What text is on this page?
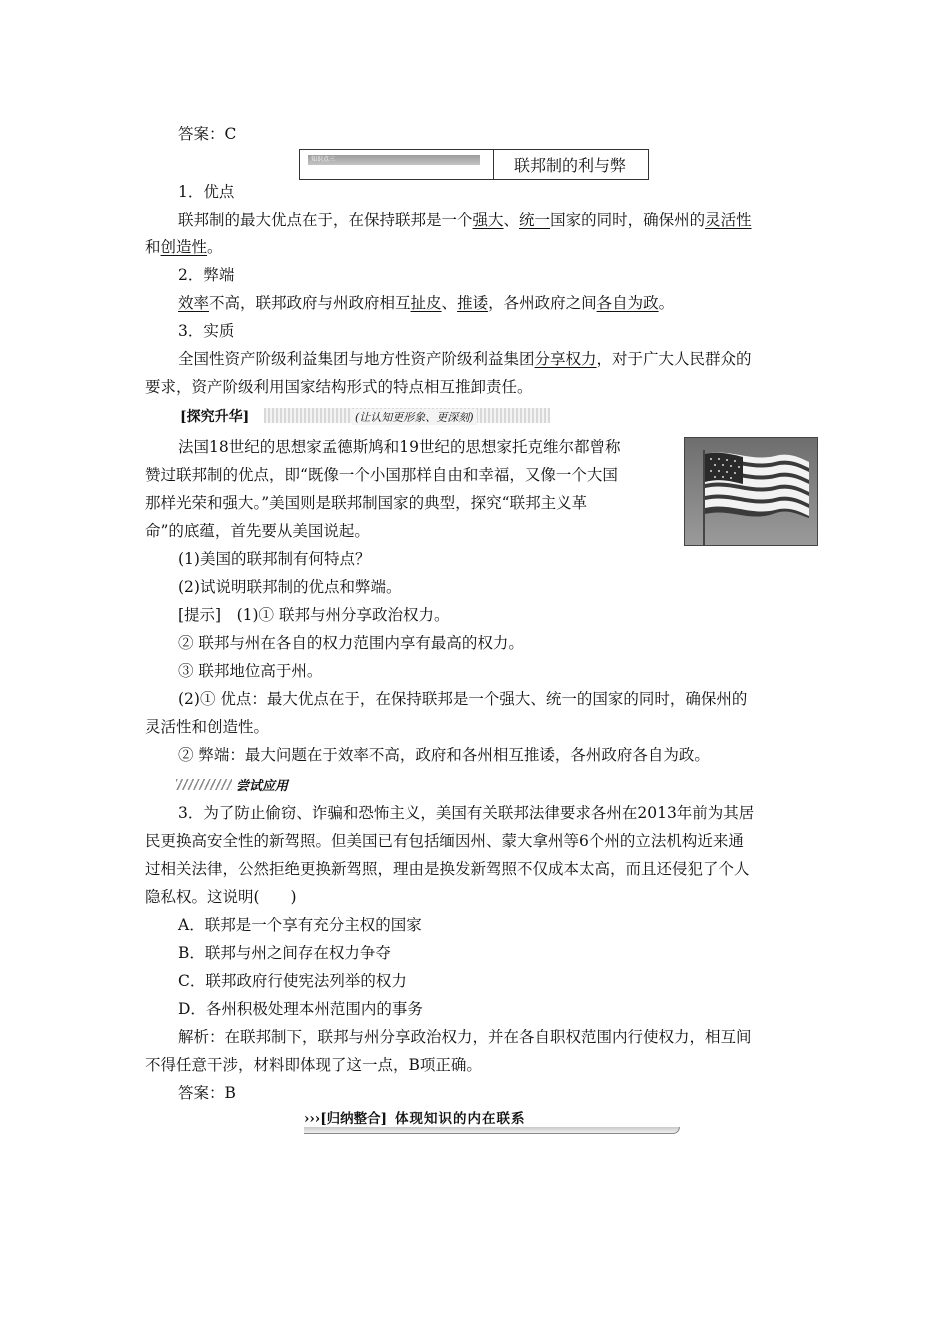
答案：C
知识点三	联邦制的利与弊
1．优点
联邦制的最大优点在于，在保持联邦是一个强大、统一国家的同时，确保州的灵活性
和创造性。
2．弊端
效率不高，联邦政府与州政府相互扯皮、推诿，各州政府之间各自为政。
3．实质
全国性资产阶级利益集团与地方性资产阶级利益集团分享权力，对于广大人民群众的
要求，资产阶级利用国家结构形式的特点相互推卸责任。
[探究升华]	(让认知更形象、更深刻)
法国18世纪的思想家孟德斯鸠和19世纪的思想家托克维尔都曾称
赞过联邦制的优点，即“既像一个小国那样自由和幸福，又像一个大国
那样光荣和强大。”美国则是联邦制国家的典型，探究“联邦主义革
命”的底蕴，首先要从美国说起。
(1)美国的联邦制有何特点？
(2)试说明联邦制的优点和弊端。
[提示]　(1)① 联邦与州分享政治权力。
② 联邦与州在各自的权力范围内享有最高的权力。
③ 联邦地位高于州。
(2)① 优点：最大优点在于，在保持联邦是一个强大、统一的国家的同时，确保州的
灵活性和创造性。
② 弊端：最大问题在于效率不高，政府和各州相互推诿，各州政府各自为政。
尝试应用
3．为了防止偷窃、诈骗和恐怖主义，美国有关联邦法律要求各州在2013年前为其居
民更换高安全性的新驾照。但美国已有包括缅因州、蒙大拿州等6个州的立法机构近来通
过相关法律，公然拒绝更换新驾照，理由是换发新驾照不仅成本太高，而且还侵犯了个人
隐私权。这说明(　　)
A．联邦是一个享有充分主权的国家
B．联邦与州之间存在权力争夺
C．联邦政府行使宪法列举的权力
D．各州积极处理本州范围内的事务
解析：在联邦制下，联邦与州分享政治权力，并在各自职权范围内行使权力，相互间
不得任意干涉，材料即体现了这一点，B项正确。
答案：B
›››[归纳整合] 体现知识的内在联系
